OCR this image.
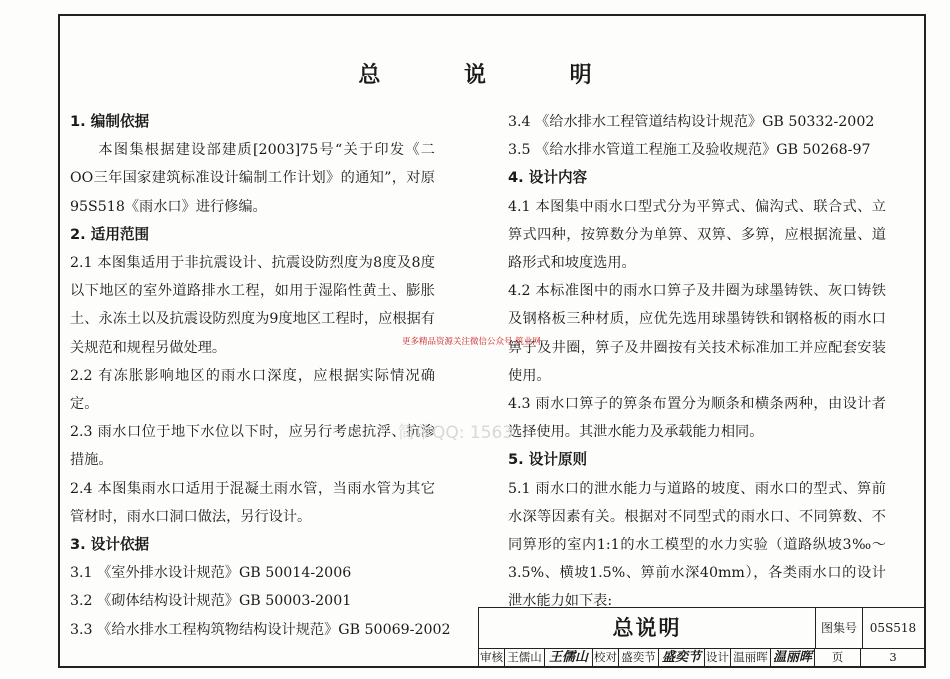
总 说 明

1. 编制依据

本图集根据建设部建质[2003]75号“关于印发《二OO三年国家建筑标准设计编制工作计划》的通知”，对原95S518《雨水口》进行修编。

2. 适用范围

2.1 本图集适用于非抗震设计、抗震设防烈度为8度及8度以下地区的室外道路排水工程，如用于湿陷性黄土、膨胀土、永冻土以及抗震设防烈度为9度地区工程时，应根据有关规范和规程另做处理。

2.2 有冻胀影响地区的雨水口深度，应根据实际情况确定。

2.3 雨水口位于地下水位以下时，应另行考虑抗浮、抗渗措施。

2.4 本图集雨水口适用于混凝土雨水管，当雨水管为其它管材时，雨水口洞口做法，另行设计。

3. 设计依据

3.1 《室外排水设计规范》GB 50014-2006

3.2 《砌体结构设计规范》GB 50003-2001

3.3 《给水排水工程构筑物结构设计规范》GB 50069-2002

3.4 《给水排水工程管道结构设计规范》GB 50332-2002

3.5 《给水排水管道工程施工及验收规范》GB 50268-97

4. 设计内容

4.1 本图集中雨水口型式分为平箅式、偏沟式、联合式、立箅式四种，按箅数分为单箅、双箅、多箅，应根据流量、道路形式和坡度选用。

4.2 本标准图中的雨水口箅子及井圈为球墨铸铁、灰口铸铁及钢格板三种材质，应优先选用球墨铸铁和钢格板的雨水口箅子及井圈，箅子及井圈按有关技术标准加工并应配套安装使用。

4.3 雨水口箅子的箅条布置分为顺条和横条两种，由设计者选择使用。其泄水能力及承载能力相同。

5. 设计原则

5.1 雨水口的泄水能力与道路的坡度、雨水口的型式、箅前水深等因素有关。根据对不同型式的雨水口、不同箅数、不同箅形的室内1:1的水工模型的水力实验（道路纵坡3‰～3.5%、横坡1.5%、箅前水深40mm），各类雨水口的设计泄水能力如下表:

更多精品资源关注微信公众号 筑业网
简单QQ: 1563
总说明	图集号	05S518
审核 王儒山 王儒山 校对 盛奕节 盛奕节 设计 温丽晖 温丽晖	页	3
